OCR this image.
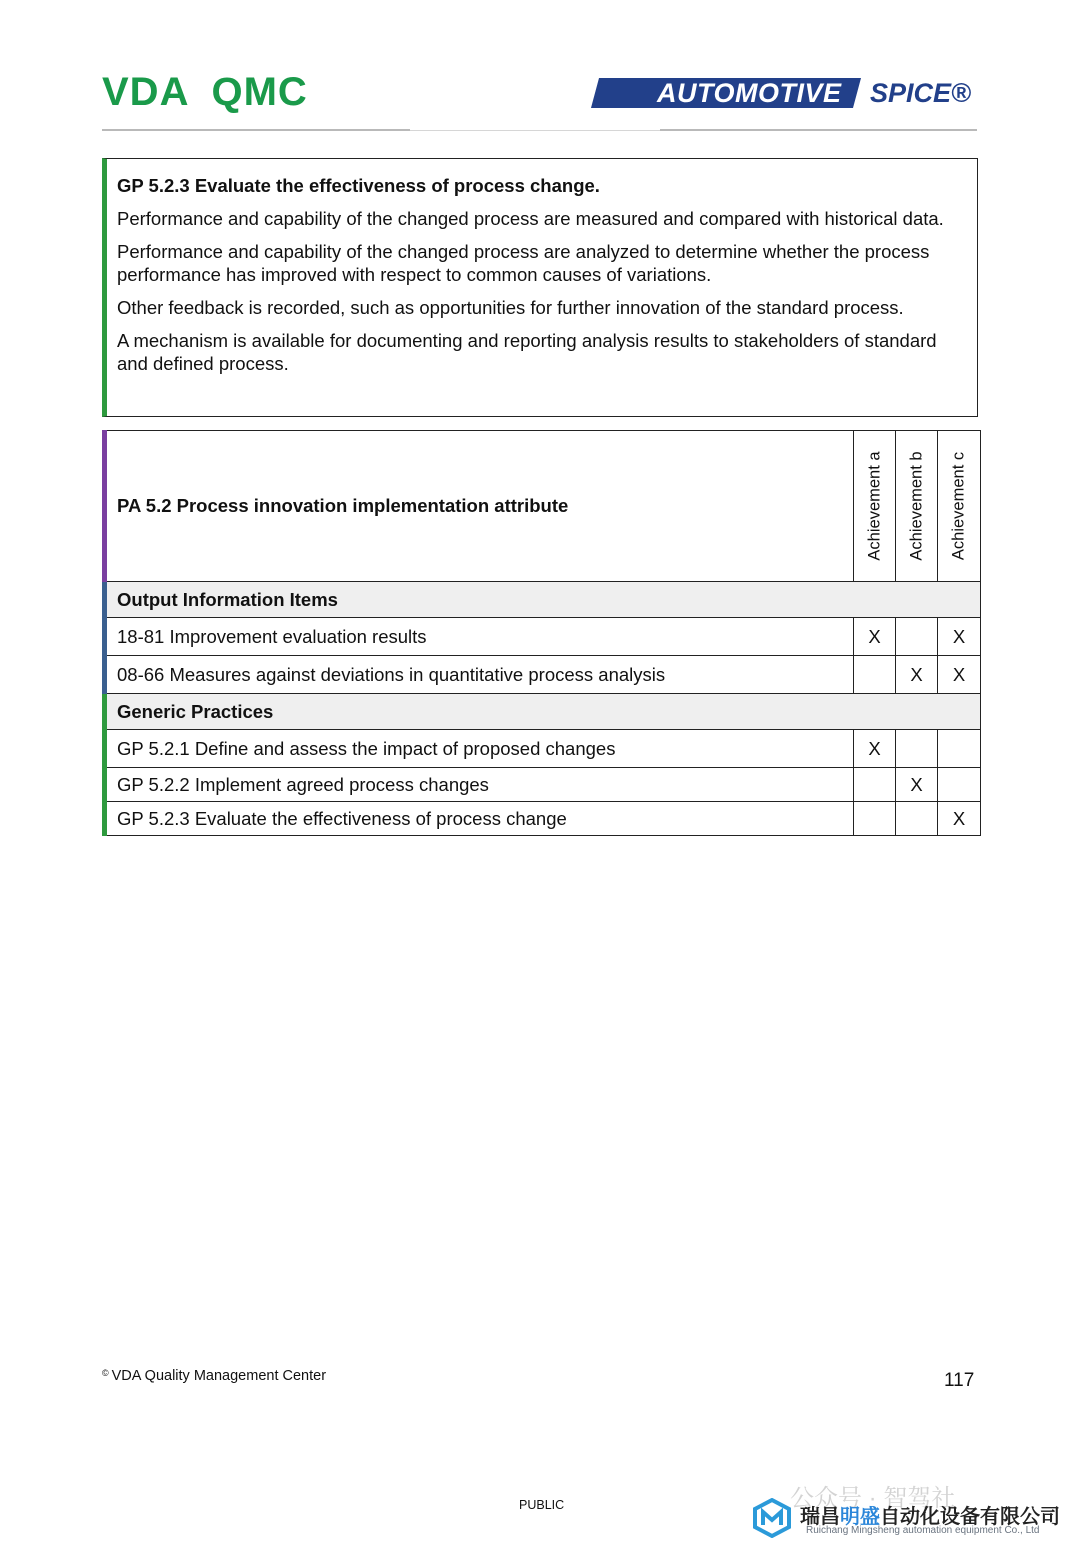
VDA QMC	AUTOMOTIVE SPICE®
GP 5.2.3 Evaluate the effectiveness of process change.

Performance and capability of the changed process are measured and compared with historical data.

Performance and capability of the changed process are analyzed to determine whether the process performance has improved with respect to common causes of variations.

Other feedback is recorded, such as opportunities for further innovation of the standard process.

A mechanism is available for documenting and reporting analysis results to stakeholders of standard and defined process.

PA 5.2 Process innovation implementation attribute	Achievement a	Achievement b	Achievement c

Output Information Items			
18-81 Improvement evaluation results	X		X
08-66 Measures against deviations in quantitative process analysis		X	X
Generic Practices			
GP 5.2.1 Define and assess the impact of proposed changes	X		
GP 5.2.2 Implement agreed process changes		X	
GP 5.2.3 Evaluate the effectiveness of process change			X
© VDA Quality Management Center	117
PUBLIC	公众号 · 智驾社
瑞昌明盛自动化设备有限公司
Ruichang Mingsheng automation equipment Co., Ltd
